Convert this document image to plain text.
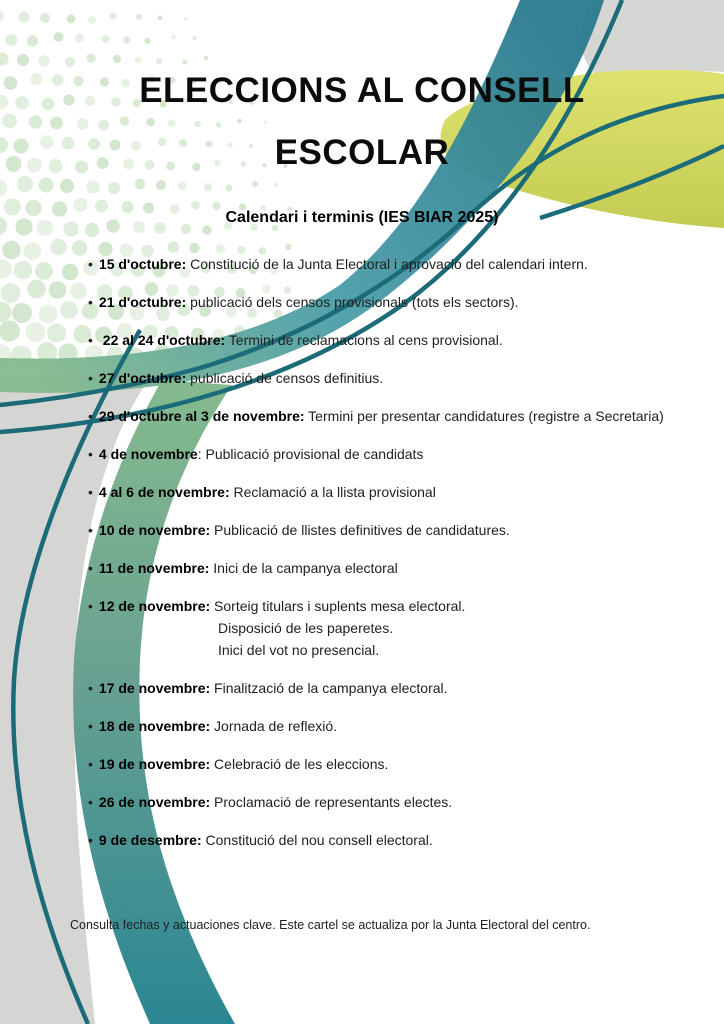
ELECCIONS AL CONSELL
ESCOLAR
Calendari i terminis (IES BIAR 2025)
• 15 d'octubre: Constitució de la Junta Electoral i aprovació del calendari intern.
• 21 d'octubre: publicació dels censos provisionals (tots els sectors).
• 22 al 24 d'octubre: Termini de reclamacions al cens provisional.
• 27 d'octubre: publicació de censos definitius.
• 29 d'octubre al 3 de novembre: Termini per presentar candidatures (registre a Secretaria)
• 4 de novembre: Publicació provisional de candidats
• 4 al 6 de novembre: Reclamació a la llista provisional
• 10 de novembre: Publicació de llistes definitives de candidatures.
• 11 de novembre: Inici de la campanya electoral
• 12 de novembre: Sorteig titulars i suplents mesa electoral.
Disposició de les paperetes.
Inici del vot no presencial.
• 17 de novembre: Finalització de la campanya electoral.
• 18 de novembre: Jornada de reflexió.
• 19 de novembre: Celebració de les eleccions.
• 26 de novembre: Proclamació de representants electes.
• 9 de desembre: Constitució del nou consell electoral.
Consulta fechas y actuaciones clave. Este cartel se actualiza por la Junta Electoral del centro.
